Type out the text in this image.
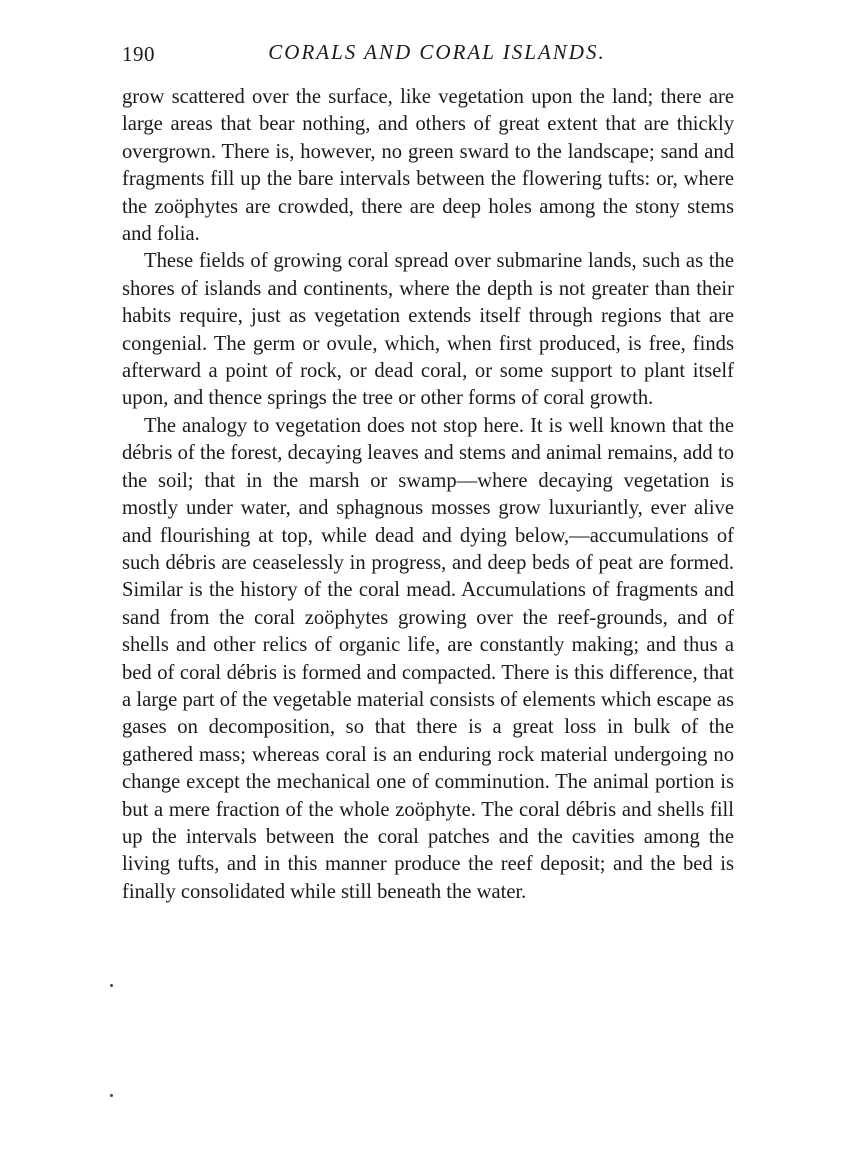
190	CORALS AND CORAL ISLANDS.

grow scattered over the surface, like vegetation upon the land; there are large areas that bear nothing, and others of great extent that are thickly overgrown. There is, however, no green sward to the landscape; sand and fragments fill up the bare intervals between the flowering tufts: or, where the zoöphytes are crowded, there are deep holes among the stony stems and folia.

These fields of growing coral spread over submarine lands, such as the shores of islands and continents, where the depth is not greater than their habits require, just as vegetation extends itself through regions that are congenial. The germ or ovule, which, when first produced, is free, finds afterward a point of rock, or dead coral, or some support to plant itself upon, and thence springs the tree or other forms of coral growth.

The analogy to vegetation does not stop here. It is well known that the débris of the forest, decaying leaves and stems and animal remains, add to the soil; that in the marsh or swamp—where decaying vegetation is mostly under water, and sphagnous mosses grow luxuriantly, ever alive and flourishing at top, while dead and dying below,—accumulations of such débris are ceaselessly in progress, and deep beds of peat are formed. Similar is the history of the coral mead. Accumulations of fragments and sand from the coral zoöphytes growing over the reef-grounds, and of shells and other relics of organic life, are constantly making; and thus a bed of coral débris is formed and compacted. There is this difference, that a large part of the vegetable material consists of elements which escape as gases on decomposition, so that there is a great loss in bulk of the gathered mass; whereas coral is an enduring rock material undergoing no change except the mechanical one of comminution. The animal portion is but a mere fraction of the whole zoöphyte. The coral débris and shells fill up the intervals between the coral patches and the cavities among the living tufts, and in this manner produce the reef deposit; and the bed is finally consolidated while still beneath the water.
